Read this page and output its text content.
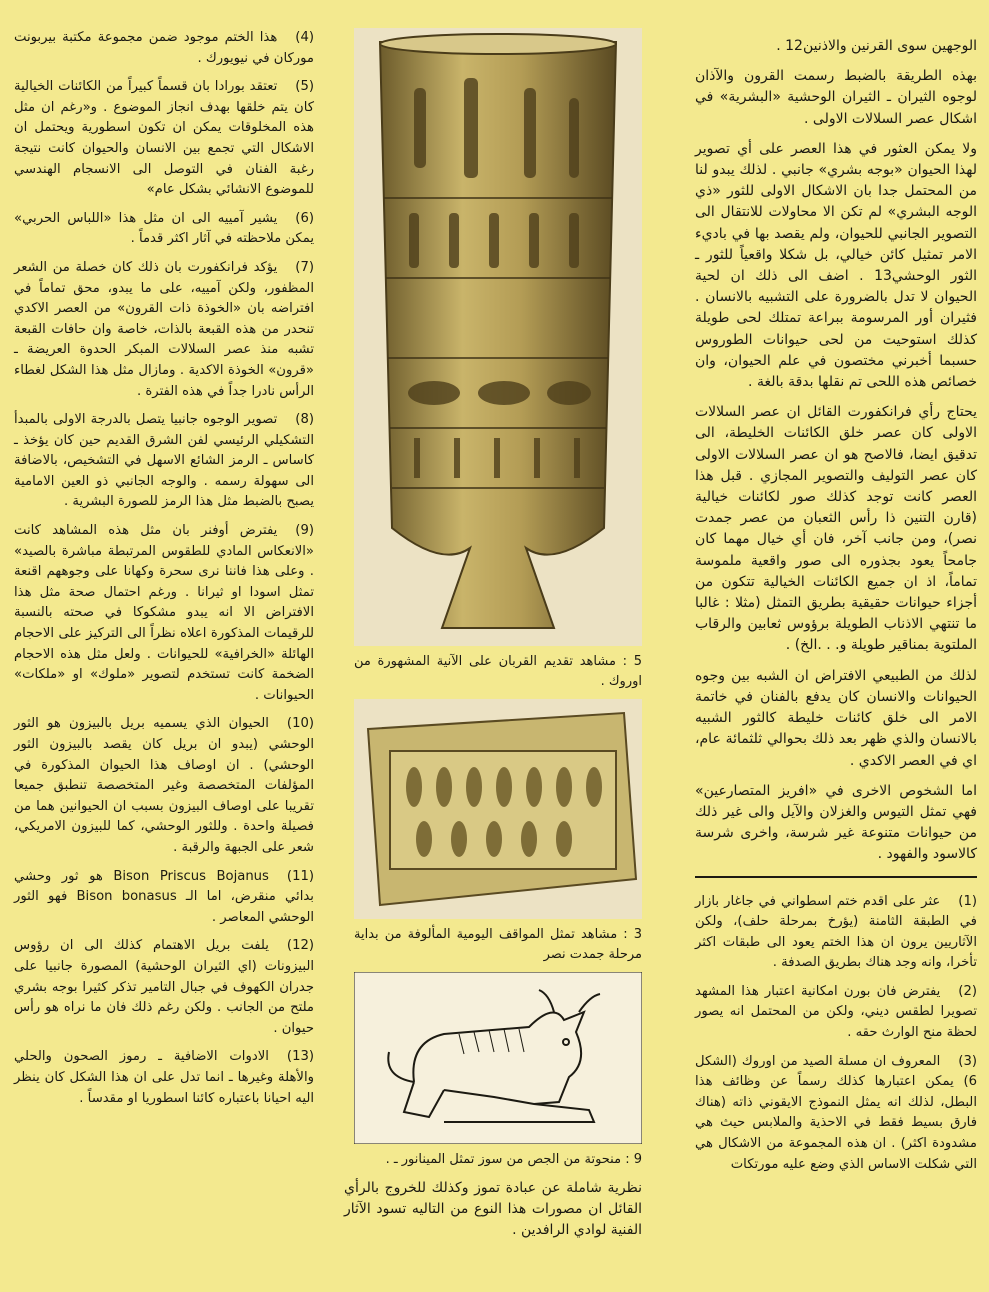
الوجهين سوى القرنين والاذنين12 .

بهذه الطريقة بالضبط رسمت القرون والآذان لوجوه الثيران ـ الثيران الوحشية «البشرية» في اشكال عصر السلالات الاولى .

ولا يمكن العثور في هذا العصر على أي تصوير لهذا الحيوان «بوجه بشري» جانبي . لذلك يبدو لنا من المحتمل جدا بان الاشكال الاولى للثور «ذي الوجه البشري» لم تكن الا محاولات للانتقال الى التصوير الجانبي للحيوان، ولم يقصد بها في باديء الامر تمثيل كائن خيالي، بل شكلا واقعياً للثور ـ الثور الوحشي13 . اضف الى ذلك ان لحية الحيوان لا تدل بالضرورة على التشبيه بالانسان . فثيران أور المرسومة ببراعة تمتلك لحى طويلة كذلك استوحيت من لحى حيوانات الطوروس حسبما أخبرني مختصون في علم الحيوان، وان خصائص هذه اللحى تم نقلها بدقة بالغة .

يحتاج رأي فرانكفورت القائل ان عصر السلالات الاولى كان عصر خلق الكائنات الخليطة، الى تدقيق ايضا، فالاصح هو ان عصر السلالات الاولى كان عصر التوليف والتصوير المجازي . قبل هذا العصر كانت توجد كذلك صور لكائنات خيالية (قارن التنين ذا رأس الثعبان من عصر جمدت نصر)، ومن جانب آخر، فان أي خيال مهما كان جامحاً يعود بجذوره الى صور واقعية ملموسة تماماً، اذ ان جميع الكائنات الخيالية تتكون من أجزاء حيوانات حقيقية بطريق التمثل (مثلا : غالبا ما تنتهي الاذناب الطويلة برؤوس ثعابين والرقاب الملتوية بمناقير طويلة و. . .الخ) .

لذلك من الطبيعي الافتراض ان الشبه بين وجوه الحيوانات والانسان كان يدفع بالفنان في خاتمة الامر الى خلق كائنات خليطة كالثور الشبيه بالانسان والذي ظهر بعد ذلك بحوالي ثلثمائة عام، اي في العصر الاكدي .

اما الشخوص الاخرى في «افريز المتصارعين» فهي تمثل التيوس والغزلان والآيل والى غير ذلك من حيوانات متنوعة غير شرسة، واخرى شرسة كالاسود والفهود .

(1)عثر على اقدم ختم اسطواني في جاغار بازار في الطبقة الثامنة (يؤرخ بمرحلة حلف)، ولكن الآثاريين يرون ان هذا الختم يعود الى طبقات اكثر تأخرا، وانه وجد هناك بطريق الصدفة .

(2)يفترض فان بورن امكانية اعتبار هذا المشهد تصويرا لطقس ديني، ولكن من المحتمل انه يصور لحظة منح الوارث حقه .

(3)المعروف ان مسلة الصيد من اوروك (الشكل 6) يمكن اعتبارها كذلك رسماً عن وظائف هذا البطل، لذلك انه يمثل النموذج الايقوني ذاته (هناك فارق بسيط فقط في الاحذية والملابس حيث هي مشدودة اكثر) . ان هذه المجموعة من الاشكال هي التي شكلت الاساس الذي وضع عليه مورتكات

5 : مشاهد تقديم القربان على الآنية المشهورة من اوروك .

3 : مشاهد تمثل المواقف اليومية المألوفة من بداية مرحلة جمدت نصر

9 : منحوتة من الجص من سوز تمثل المينانور ـ .

نظرية شاملة عن عبادة تموز وكذلك للخروج بالرأي القائل ان مصورات هذا النوع من التاليه تسود الآثار الفنية لوادي الرافدين .

(4)هذا الختم موجود ضمن مجموعة مكتبة بيربونت موركان في نيويورك .

(5)تعتقد بورادا بان قسماً كبيراً من الكائنات الخيالية كان يتم خلقها بهدف انجاز الموضوع . و«رغم ان مثل هذه المخلوقات يمكن ان تكون اسطورية ويحتمل ان الاشكال التي تجمع بين الانسان والحيوان كانت نتيجة رغبة الفنان في التوصل الى الانسجام الهندسي للموضوع الانشائي بشكل عام»

(6)يشير آمييه الى ان مثل هذا «اللباس الحربي» يمكن ملاحظته في آثار اكثر قدماً .

(7)يؤكد فرانكفورت بان ذلك كان خصلة من الشعر المظفور، ولكن آمييه، على ما يبدو، محق تماماً في افتراضه بان «الخوذة ذات القرون» من العصر الاكدي تنحدر من هذه القبعة بالذات، خاصة وان حافات القبعة تشبه منذ عصر السلالات المبكر الحدوة العريضة ـ «قرون» الخوذة الاكدية . ومازال مثل هذا الشكل لغطاء الرأس نادرا جداً في هذه الفترة .

(8)تصوير الوجوه جانبيا يتصل بالدرجة الاولى بالمبدأ التشكيلي الرئيسي لفن الشرق القديم حين كان يؤخذ ـ كاساس ـ الرمز الشائع الاسهل في التشخيص، بالاضافة الى سهولة رسمه . والوجه الجانبي ذو العين الامامية يصبح بالضبط مثل هذا الرمز للصورة البشرية .

(9)يفترض أوفنر بان مثل هذه المشاهد كانت «الانعكاس المادي للطقوس المرتبطة مباشرة بالصيد» . وعلى هذا فاننا نرى سحرة وكهانا على وجوههم اقنعة تمثل اسودا او ثيرانا . ورغم احتمال صحة مثل هذا الافتراض الا انه يبدو مشكوكا في صحته بالنسبة للرقيمات المذكورة اعلاه نظراً الى التركيز على الاحجام الهائلة «الخرافية» للحيوانات . ولعل مثل هذه الاحجام الضخمة كانت تستخدم لتصوير «ملوك» او «ملكات» الحيوانات .

(10)الحيوان الذي يسميه بريل بالبيزون هو الثور الوحشي (يبدو ان بريل كان يقصد بالبيزون الثور الوحشي) . ان اوصاف هذا الحيوان المذكورة في المؤلفات المتخصصة وغير المتخصصة تنطبق جميعا تقريبا على اوصاف البيزون بسبب ان الحيوانين هما من فصيلة واحدة . وللثور الوحشي، كما للبيزون الامريكي، شعر على الجبهة والرقبة .

(11)Bison Priscus Bojanus هو ثور وحشي بدائي منقرض، اما الـ Bison bonasus فهو الثور الوحشي المعاصر .

(12)يلفت بريل الاهتمام كذلك الى ان رؤوس البيزونات (اي الثيران الوحشية) المصورة جانبيا على جدران الكهوف في جبال التامير تذكر كثيرا بوجه بشري ملتح من الجانب . ولكن رغم ذلك فان ما نراه هو رأس حيوان .

(13)الادوات الاضافية ـ رموز الصحون والحلي والأهلة وغيرها ـ انما تدل على ان هذا الشكل كان ينظر اليه احيانا باعتباره كائنا اسطوريا او مقدساً .
